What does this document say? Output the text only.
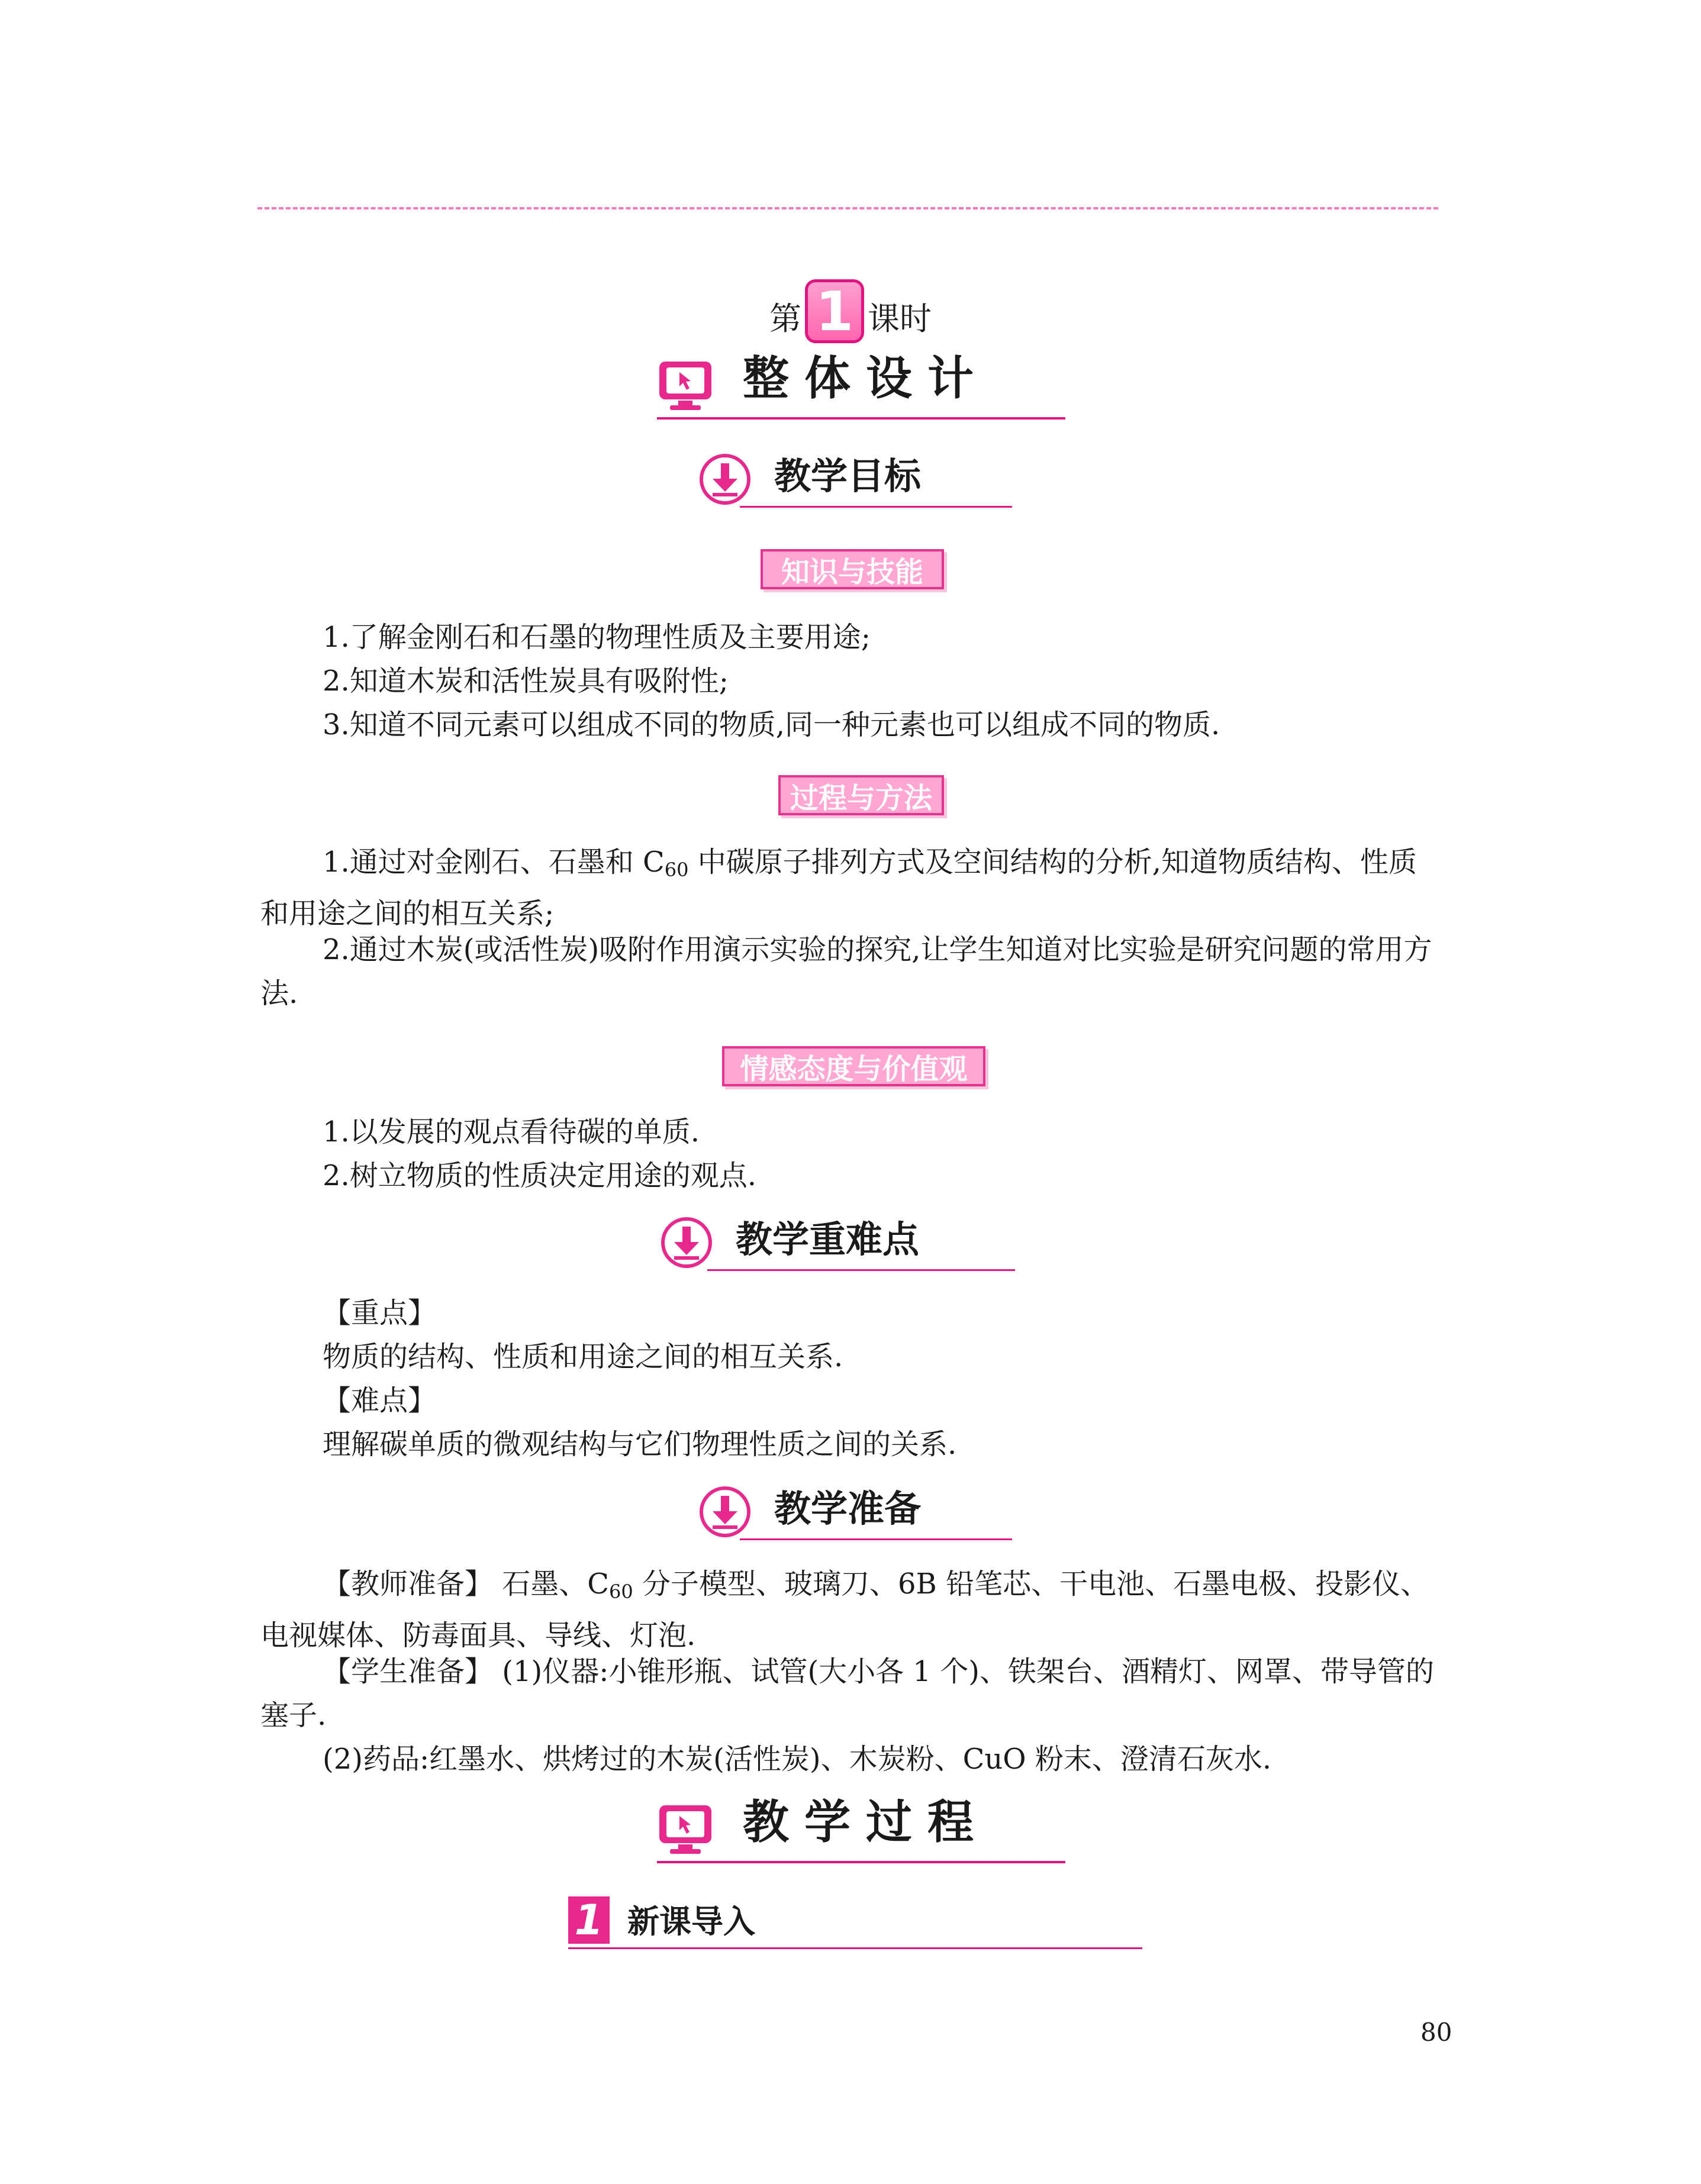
第 1 课时
整体设计
教学目标
知识与技能
1.了解金刚石和石墨的物理性质及主要用途;
2.知道木炭和活性炭具有吸附性;
3.知道不同元素可以组成不同的物质,同一种元素也可以组成不同的物质.
过程与方法

1.通过对金刚石、石墨和 $C_{60}$ 中碳原子排列方式及空间结构的分析,知道物质结构、性质和用途之间的相互关系;

2.通过木炭(或活性炭)吸附作用演示实验的探究,让学生知道对比实验是研究问题的常用方法.

情感态度与价值观
1.以发展的观点看待碳的单质.
2.树立物质的性质决定用途的观点.
教学重难点
【重点】
物质的结构、性质和用途之间的相互关系.
【难点】
理解碳单质的微观结构与它们物理性质之间的关系.
教学准备

【教师准备】 石墨、$C_{60}$ 分子模型、玻璃刀、6B 铅笔芯、干电池、石墨电极、投影仪、电视媒体、防毒面具、导线、灯泡.

【学生准备】 (1)仪器:小锥形瓶、试管(大小各 1 个)、铁架台、酒精灯、网罩、带导管的塞子.

(2)药品:红墨水、烘烤过的木炭(活性炭)、木炭粉、CuO 粉末、澄清石灰水.
教学过程
1 新课导入
80
